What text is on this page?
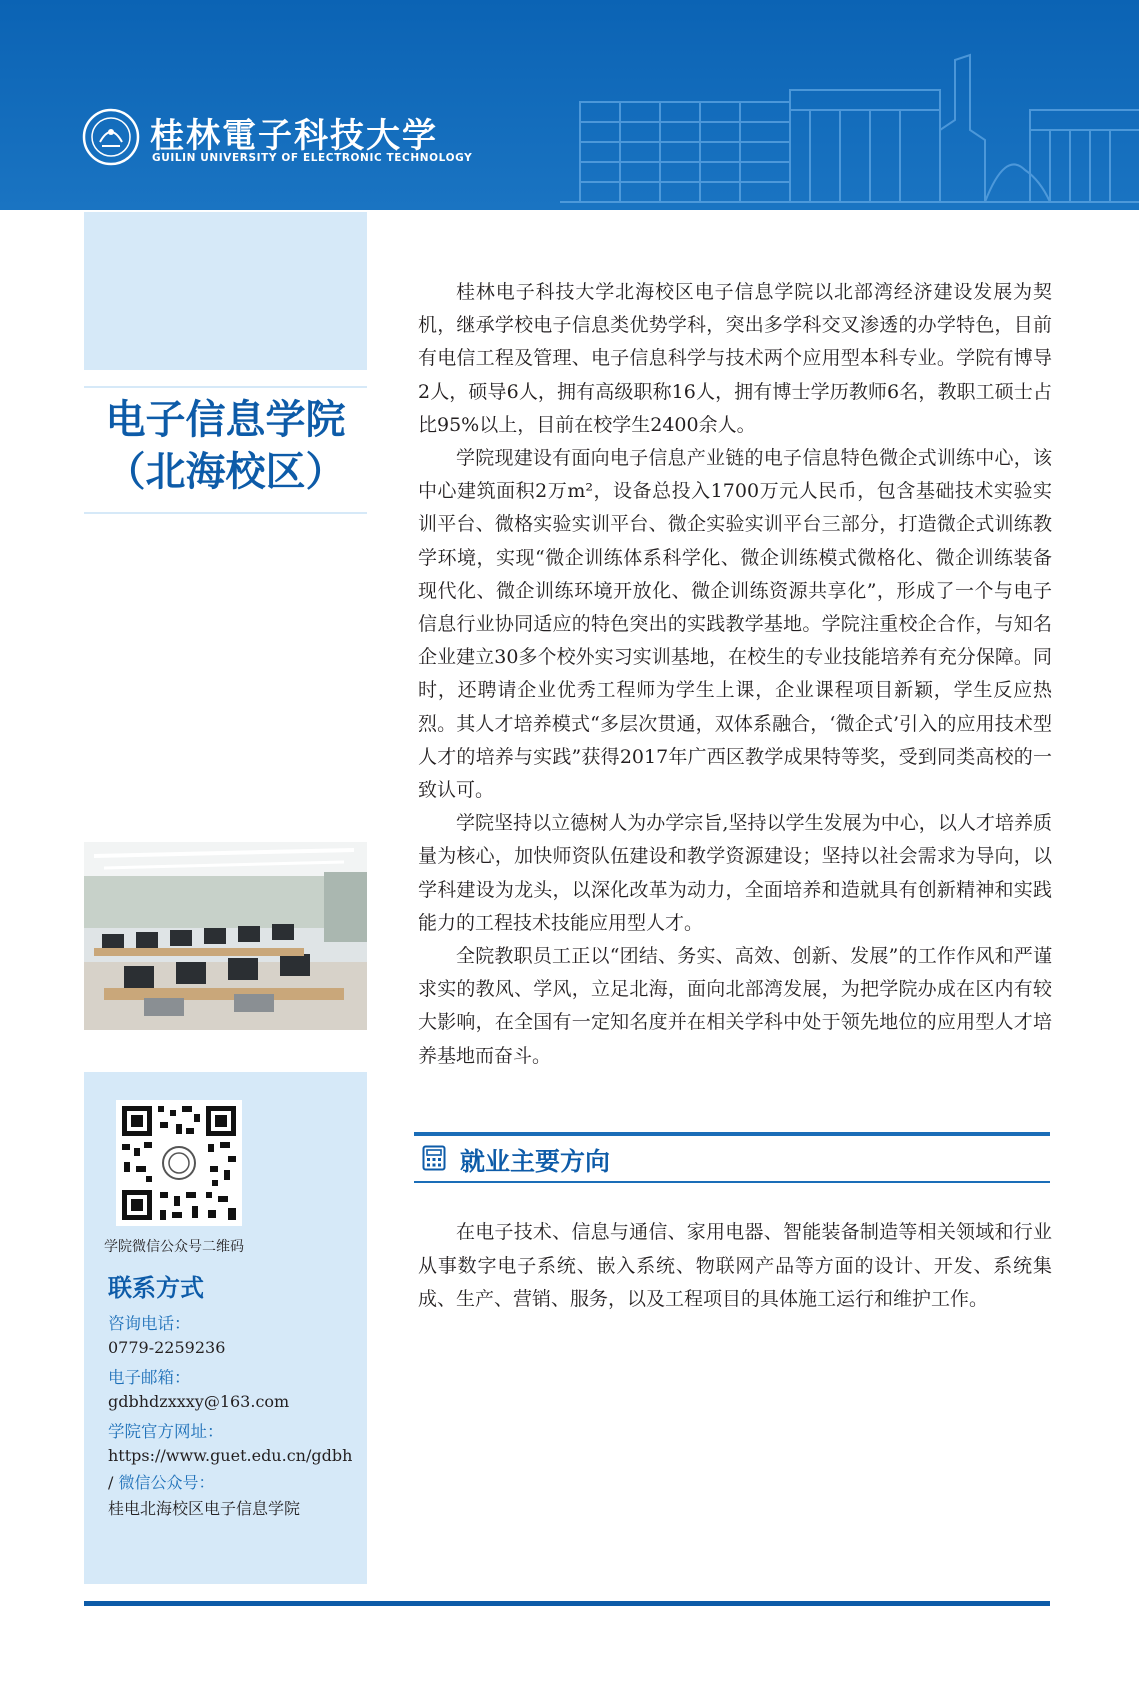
桂林電子科技大学
GUILIN UNIVERSITY OF ELECTRONIC TECHNOLOGY
电子信息学院
（北海校区）
学院微信公众号二维码
联系方式
咨询电话：
0779-2259236
电子邮箱：
gdbhdzxxxy@163.com
学院官方网址：
https://www.guet.edu.cn/gdbh
/ 微信公众号：
桂电北海校区电子信息学院

桂林电子科技大学北海校区电子信息学院以北部湾经济建设发展为契机，继承学校电子信息类优势学科，突出多学科交叉渗透的办学特色，目前有电信工程及管理、电子信息科学与技术两个应用型本科专业。学院有博导2人，硕导6人，拥有高级职称16人，拥有博士学历教师6名，教职工硕士占比95%以上，目前在校学生2400余人。

学院现建设有面向电子信息产业链的电子信息特色微企式训练中心，该中心建筑面积2万m²，设备总投入1700万元人民币，包含基础技术实验实训平台、微格实验实训平台、微企实验实训平台三部分，打造微企式训练教学环境，实现“微企训练体系科学化、微企训练模式微格化、微企训练装备现代化、微企训练环境开放化、微企训练资源共享化”，形成了一个与电子信息行业协同适应的特色突出的实践教学基地。学院注重校企合作，与知名企业建立30多个校外实习实训基地，在校生的专业技能培养有充分保障。同时，还聘请企业优秀工程师为学生上课，企业课程项目新颖，学生反应热烈。其人才培养模式“多层次贯通，双体系融合，‘微企式’引入的应用技术型人才的培养与实践”获得2017年广西区教学成果特等奖，受到同类高校的一致认可。

学院坚持以立德树人为办学宗旨,坚持以学生发展为中心，以人才培养质量为核心，加快师资队伍建设和教学资源建设；坚持以社会需求为导向，以学科建设为龙头，以深化改革为动力，全面培养和造就具有创新精神和实践能力的工程技术技能应用型人才。

全院教职员工正以“团结、务实、高效、创新、发展”的工作作风和严谨求实的教风、学风，立足北海，面向北部湾发展，为把学院办成在区内有较大影响，在全国有一定知名度并在相关学科中处于领先地位的应用型人才培养基地而奋斗。

就业主要方向

在电子技术、信息与通信、家用电器、智能装备制造等相关领域和行业从事数字电子系统、嵌入系统、物联网产品等方面的设计、开发、系统集成、生产、营销、服务，以及工程项目的具体施工运行和维护工作。
